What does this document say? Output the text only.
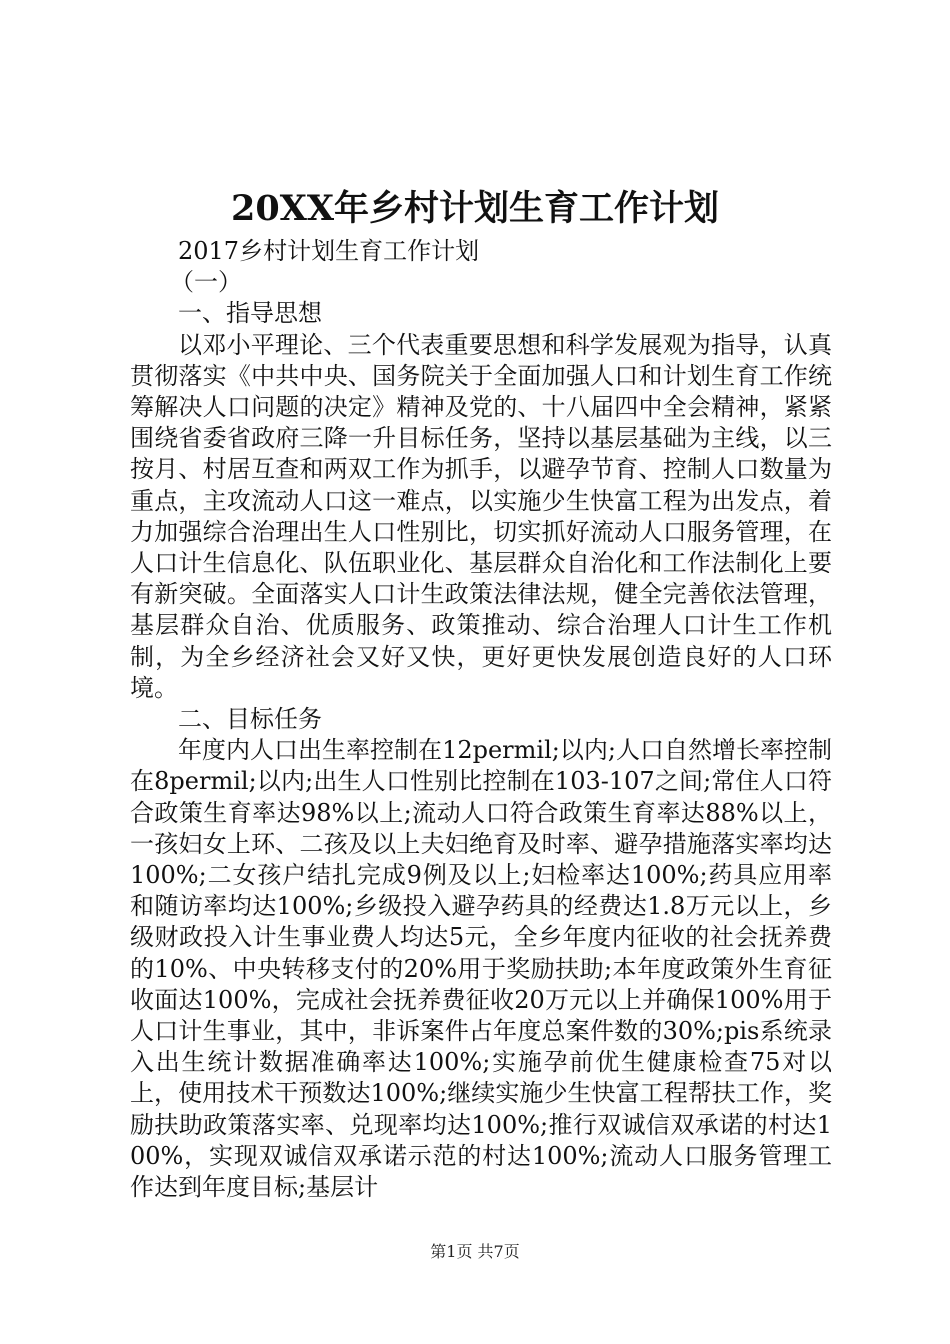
20XX年乡村计划生育工作计划

2017乡村计划生育工作计划

（一）

一、指导思想

以邓小平理论、三个代表重要思想和科学发展观为指导，认真贯彻落实《中共中央、国务院关于全面加强人口和计划生育工作统筹解决人口问题的决定》精神及党的、十八届四中全会精神，紧紧围绕省委省政府三降一升目标任务，坚持以基层基础为主线，以三按月、村居互查和两双工作为抓手，以避孕节育、控制人口数量为重点，主攻流动人口这一难点，以实施少生快富工程为出发点，着力加强综合治理出生人口性别比，切实抓好流动人口服务管理，在人口计生信息化、队伍职业化、基层群众自治化和工作法制化上要有新突破。全面落实人口计生政策法律法规，健全完善依法管理，基层群众自治、优质服务、政策推动、综合治理人口计生工作机制，为全乡经济社会又好又快，更好更快发展创造良好的人口环境。

二、目标任务

年度内人口出生率控制在12permil;以内;人口自然增长率控制在8permil;以内;出生人口性别比控制在103-107之间;常住人口符合政策生育率达98%以上;流动人口符合政策生育率达88%以上，一孩妇女上环、二孩及以上夫妇绝育及时率、避孕措施落实率均达100%;二女孩户结扎完成9例及以上;妇检率达100%;药具应用率和随访率均达100%;乡级投入避孕药具的经费达1.8万元以上，乡级财政投入计生事业费人均达5元，全乡年度内征收的社会抚养费的10%、中央转移支付的20%用于奖励扶助;本年度政策外生育征收面达100%，完成社会抚养费征收20万元以上并确保100%用于人口计生事业，其中，非诉案件占年度总案件数的30%;pis系统录入出生统计数据准确率达100%;实施孕前优生健康检查75对以上，使用技术干预数达100%;继续实施少生快富工程帮扶工作，奖励扶助政策落实率、兑现率均达100%;推行双诚信双承诺的村达100%，实现双诚信双承诺示范的村达100%;流动人口服务管理工作达到年度目标;基层计

第1页 共7页
